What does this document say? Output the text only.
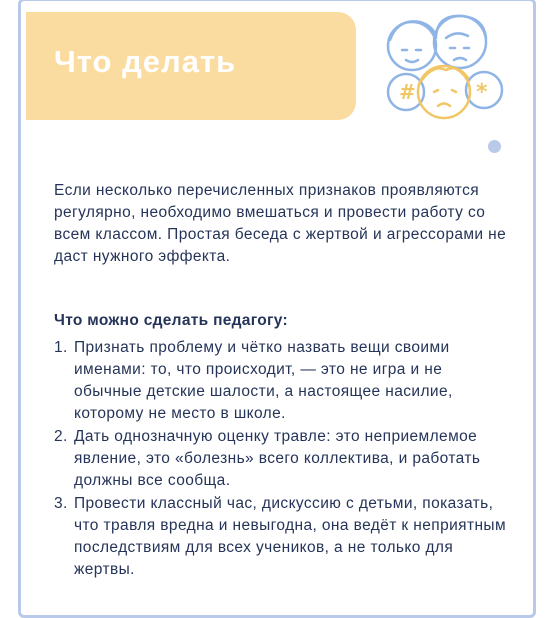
Что делать
#	*

Если несколько перечисленных признаков проявляются регулярно, необходимо вмешаться и провести работу со всем классом. Простая беседа с жертвой и агрессорами не даст нужного эффекта.

Что можно сделать педагогу:
1. Признать проблему и чётко назвать вещи своими именами: то, что происходит, — это не игра и не обычные детские шалости, а настоящее насилие, которому не место в школе.
2. Дать однозначную оценку травле: это неприемлемое явление, это «болезнь» всего коллектива, и работать должны все сообща.
3. Провести классный час, дискуссию с детьми, показать, что травля вредна и невыгодна, она ведёт к неприятным последствиям для всех учеников, а не только для жертвы.
